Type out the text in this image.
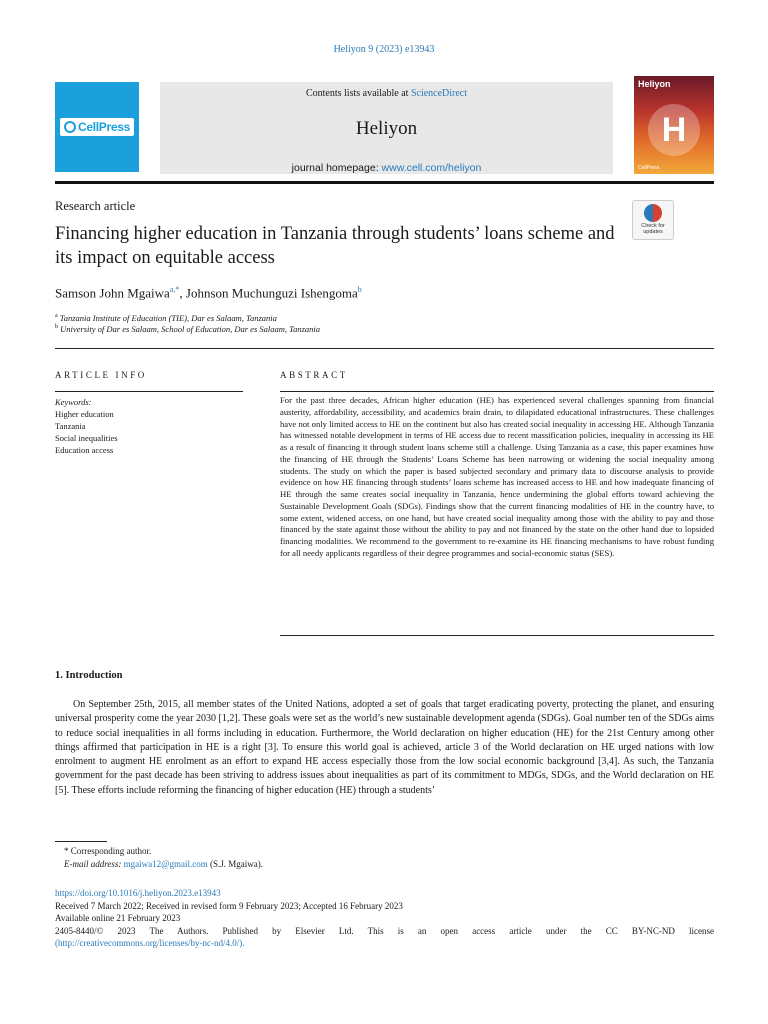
Heliyon 9 (2023) e13943
CellPress
Contents lists available at ScienceDirect
Heliyon
journal homepage: www.cell.com/heliyon
Heliyon
H
CellPress
Research article
Check for
updates
Financing higher education in Tanzania through students’ loans scheme and its impact on equitable access
Samson John Mgaiwa$^{a,*}$, Johnson Muchunguzi Ishengoma$^b$
$^a$ Tanzania Institute of Education (TIE), Dar es Salaam, Tanzania
$^b$ University of Dar es Salaam, School of Education, Dar es Salaam, Tanzania
ARTICLE INFO
Keywords:
Higher education
Tanzania
Social inequalities
Education access
ABSTRACT
For the past three decades, African higher education (HE) has experienced several challenges spanning from financial austerity, affordability, accessibility, and academics brain drain, to dilapidated educational infrastructures. These challenges have not only limited access to HE on the continent but also has created social inequality in accessing HE. Although Tanzania has witnessed notable development in terms of HE access due to recent massification policies, inequality in accessing its HE as a result of financing it through student loans scheme still a challenge. Using Tanzania as a case, this paper examines how the financing of HE through the Students’ Loans Scheme has been narrowing or widening the social inequality among students. The study on which the paper is based subjected secondary and primary data to discourse analysis to provide evidence on how HE financing through students’ loans scheme has increased access to HE and how inadequate financing of HE through the same creates social inequality in Tanzania, hence undermining the global efforts toward achieving the Sustainable Development Goals (SDGs). Findings show that the current financing modalities of HE in the country have, to some extent, widened access, on one hand, but have created social inequality among those with the ability to pay and those financed by the state against those without the ability to pay and not financed by the state on the other hand due to lopsided financing modalities. We recommend to the government to re-examine its HE financing mechanisms to have robust funding for all needy applicants regardless of their degree programmes and social-economic status (SES).
1. Introduction
On September 25th, 2015, all member states of the United Nations, adopted a set of goals that target eradicating poverty, protecting the planet, and ensuring universal prosperity come the year 2030 [1,2]. These goals were set as the world’s new sustainable development agenda (SDGs). Goal number ten of the SDGs aims to reduce social inequalities in all forms including in education. Furthermore, the World declaration on higher education (HE) for the 21st Century among other things affirmed that participation in HE is a right [3]. To ensure this world goal is achieved, article 3 of the World declaration on HE urged nations with low enrolment to augment HE enrolment as an effort to expand HE access especially those from the low social economic background [3,4]. As such, the Tanzania government for the past decade has been striving to address issues about inequalities as part of its commitment to MDGs, SDGs, and the World declaration on HE [5]. These efforts include reforming the financing of higher education (HE) through a students’
* Corresponding author.
E-mail address: mgaiwa12@gmail.com (S.J. Mgaiwa).
https://doi.org/10.1016/j.heliyon.2023.e13943
Received 7 March 2022; Received in revised form 9 February 2023; Accepted 16 February 2023
Available online 21 February 2023
2405-8440/© 2023 The Authors. Published by Elsevier Ltd. This is an open access article under the CC BY-NC-ND license
(http://creativecommons.org/licenses/by-nc-nd/4.0/).
